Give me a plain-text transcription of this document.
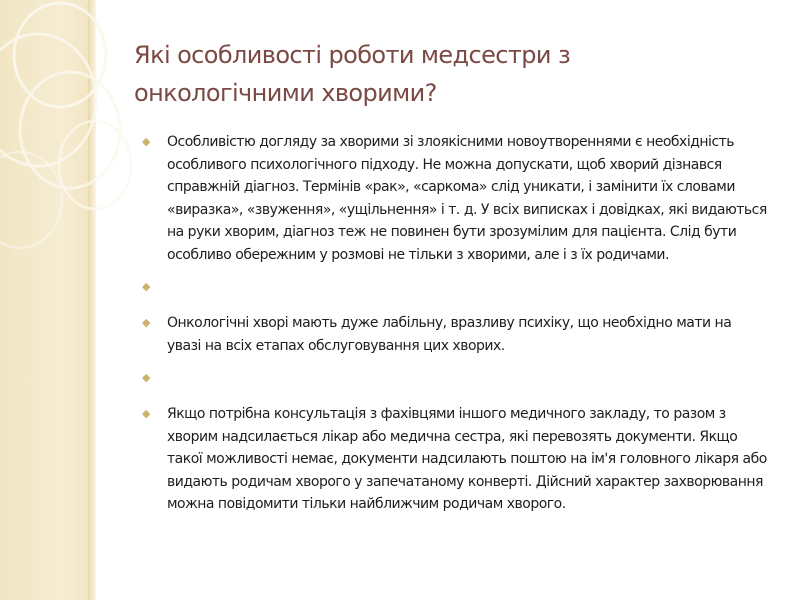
Які особливості роботи медсестри з онкологічними хворими?
◆ Особливістю догляду за хворими зі злоякісними новоутвореннями є необхідність особливого психологічного підходу. Не можна допускати, щоб хворий дізнався справжній діагноз. Термінів «рак», «саркома» слід уникати, і замінити їх словами «виразка», «звуження», «ущільнення» і т. д. У всіх виписках і довідках, які видаються на руки хворим, діагноз теж не повинен бути зрозумілим для пацієнта. Слід бути особливо обережним у розмові не тільки з хворими, але і з їх родичами.
◆
◆ Онкологічні хворі мають дуже лабільну, вразливу психіку, що необхідно мати на увазі на всіх етапах обслуговування цих хворих.
◆
◆ Якщо потрібна консультація з фахівцями іншого медичного закладу, то разом з хворим надсилається лікар або медична сестра, які перевозять документи. Якщо такої можливості немає, документи надсилають поштою на ім'я головного лікаря або видають родичам хворого у запечатаному конверті. Дійсний характер захворювання можна повідомити тільки найближчим родичам хворого.
